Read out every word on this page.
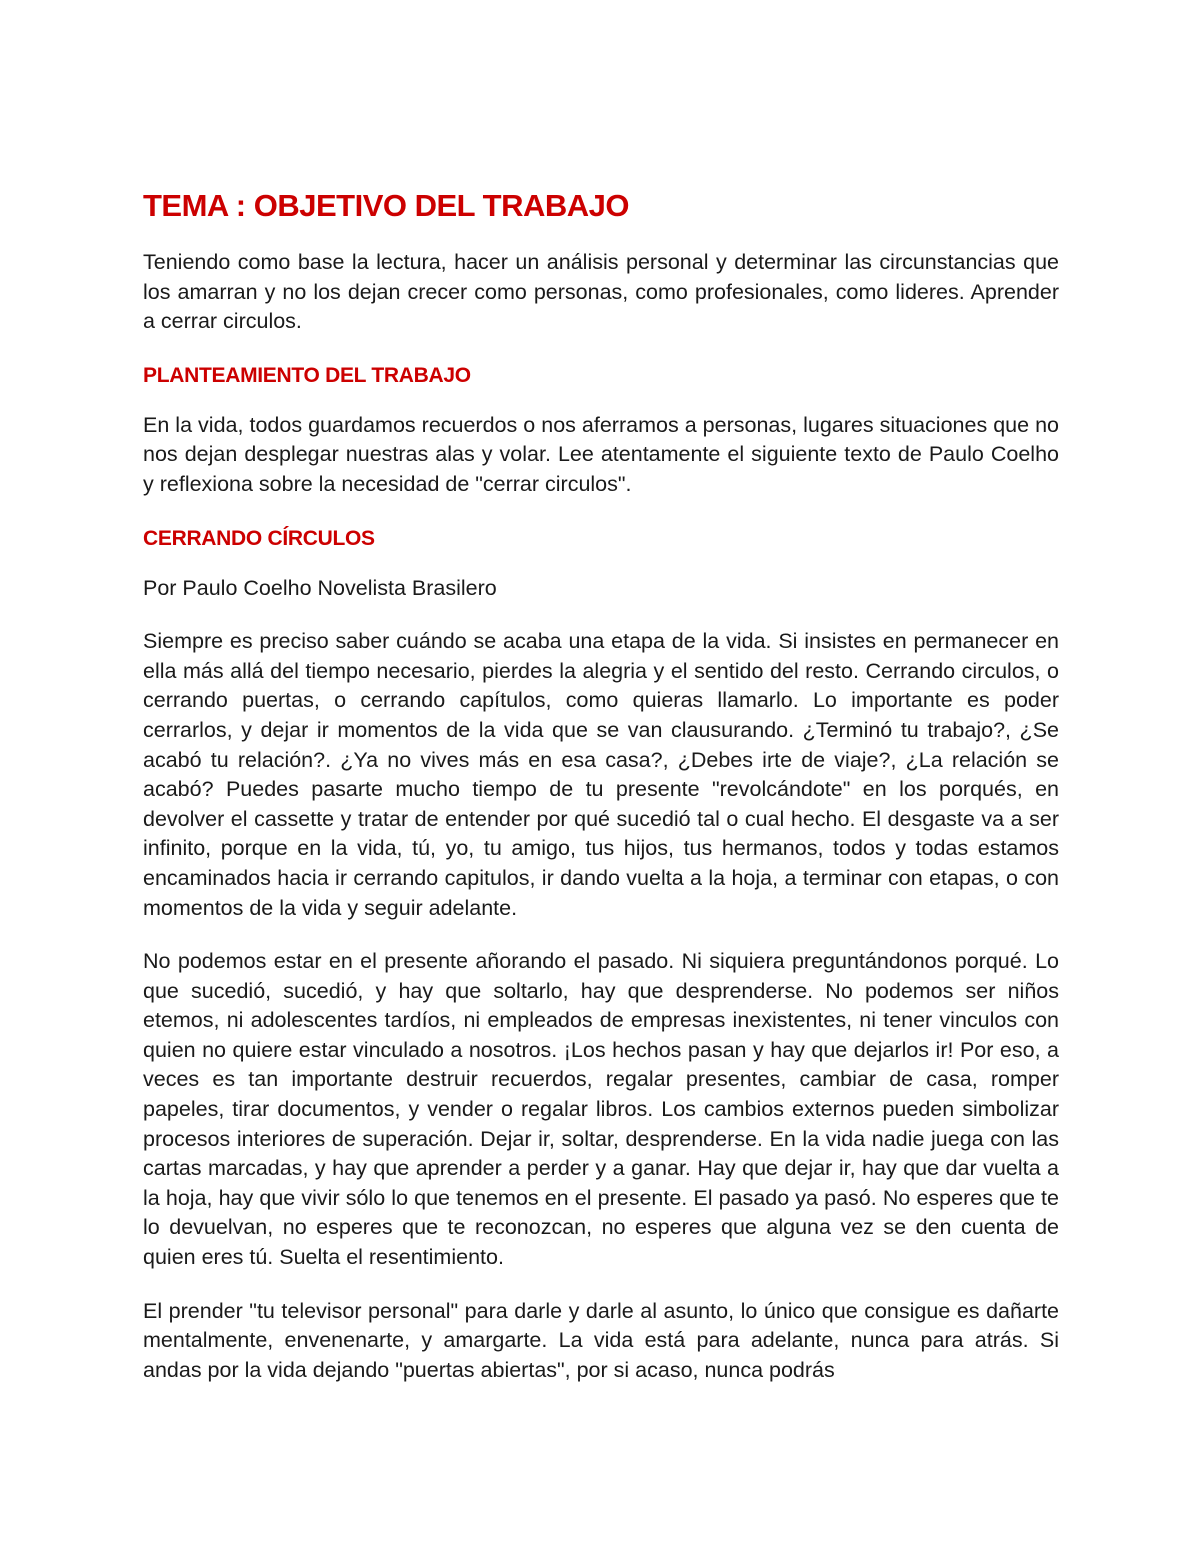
TEMA : OBJETIVO DEL TRABAJO

Teniendo como base la lectura, hacer un análisis personal y determinar las circunstancias que los amarran y no los dejan crecer como personas, como profesionales, como lideres. Aprender a cerrar circulos.

PLANTEAMIENTO DEL TRABAJO

En la vida, todos guardamos recuerdos o nos aferramos a personas, lugares situaciones que no nos dejan desplegar nuestras alas y volar. Lee atentamente el siguiente texto de Paulo Coelho y reflexiona sobre la necesidad de "cerrar circulos".

CERRANDO CÍRCULOS

Por Paulo Coelho Novelista Brasilero

Siempre es preciso saber cuándo se acaba una etapa de la vida. Si insistes en permanecer en ella más allá del tiempo necesario, pierdes la alegria y el sentido del resto. Cerrando circulos, o cerrando puertas, o cerrando capítulos, como quieras llamarlo. Lo importante es poder cerrarlos, y dejar ir momentos de la vida que se van clausurando. ¿Terminó tu trabajo?, ¿Se acabó tu relación?. ¿Ya no vives más en esa casa?, ¿Debes irte de viaje?, ¿La relación se acabó? Puedes pasarte mucho tiempo de tu presente "revolcándote" en los porqués, en devolver el cassette y tratar de entender por qué sucedió tal o cual hecho. El desgaste va a ser infinito, porque en la vida, tú, yo, tu amigo, tus hijos, tus hermanos, todos y todas estamos encaminados hacia ir cerrando capitulos, ir dando vuelta a la hoja, a terminar con etapas, o con momentos de la vida y seguir adelante.

No podemos estar en el presente añorando el pasado. Ni siquiera preguntándonos porqué. Lo que sucedió, sucedió, y hay que soltarlo, hay que desprenderse. No podemos ser niños etemos, ni adolescentes tardíos, ni empleados de empresas inexistentes, ni tener vinculos con quien no quiere estar vinculado a nosotros. ¡Los hechos pasan y hay que dejarlos ir! Por eso, a veces es tan importante destruir recuerdos, regalar presentes, cambiar de casa, romper papeles, tirar documentos, y vender o regalar libros. Los cambios externos pueden simbolizar procesos interiores de superación. Dejar ir, soltar, desprenderse. En la vida nadie juega con las cartas marcadas, y hay que aprender a perder y a ganar. Hay que dejar ir, hay que dar vuelta a la hoja, hay que vivir sólo lo que tenemos en el presente. El pasado ya pasó. No esperes que te lo devuelvan, no esperes que te reconozcan, no esperes que alguna vez se den cuenta de quien eres tú. Suelta el resentimiento.

El prender "tu televisor personal" para darle y darle al asunto, lo único que consigue es dañarte mentalmente, envenenarte, y amargarte. La vida está para adelante, nunca para atrás. Si andas por la vida dejando "puertas abiertas", por si acaso, nunca podrás
